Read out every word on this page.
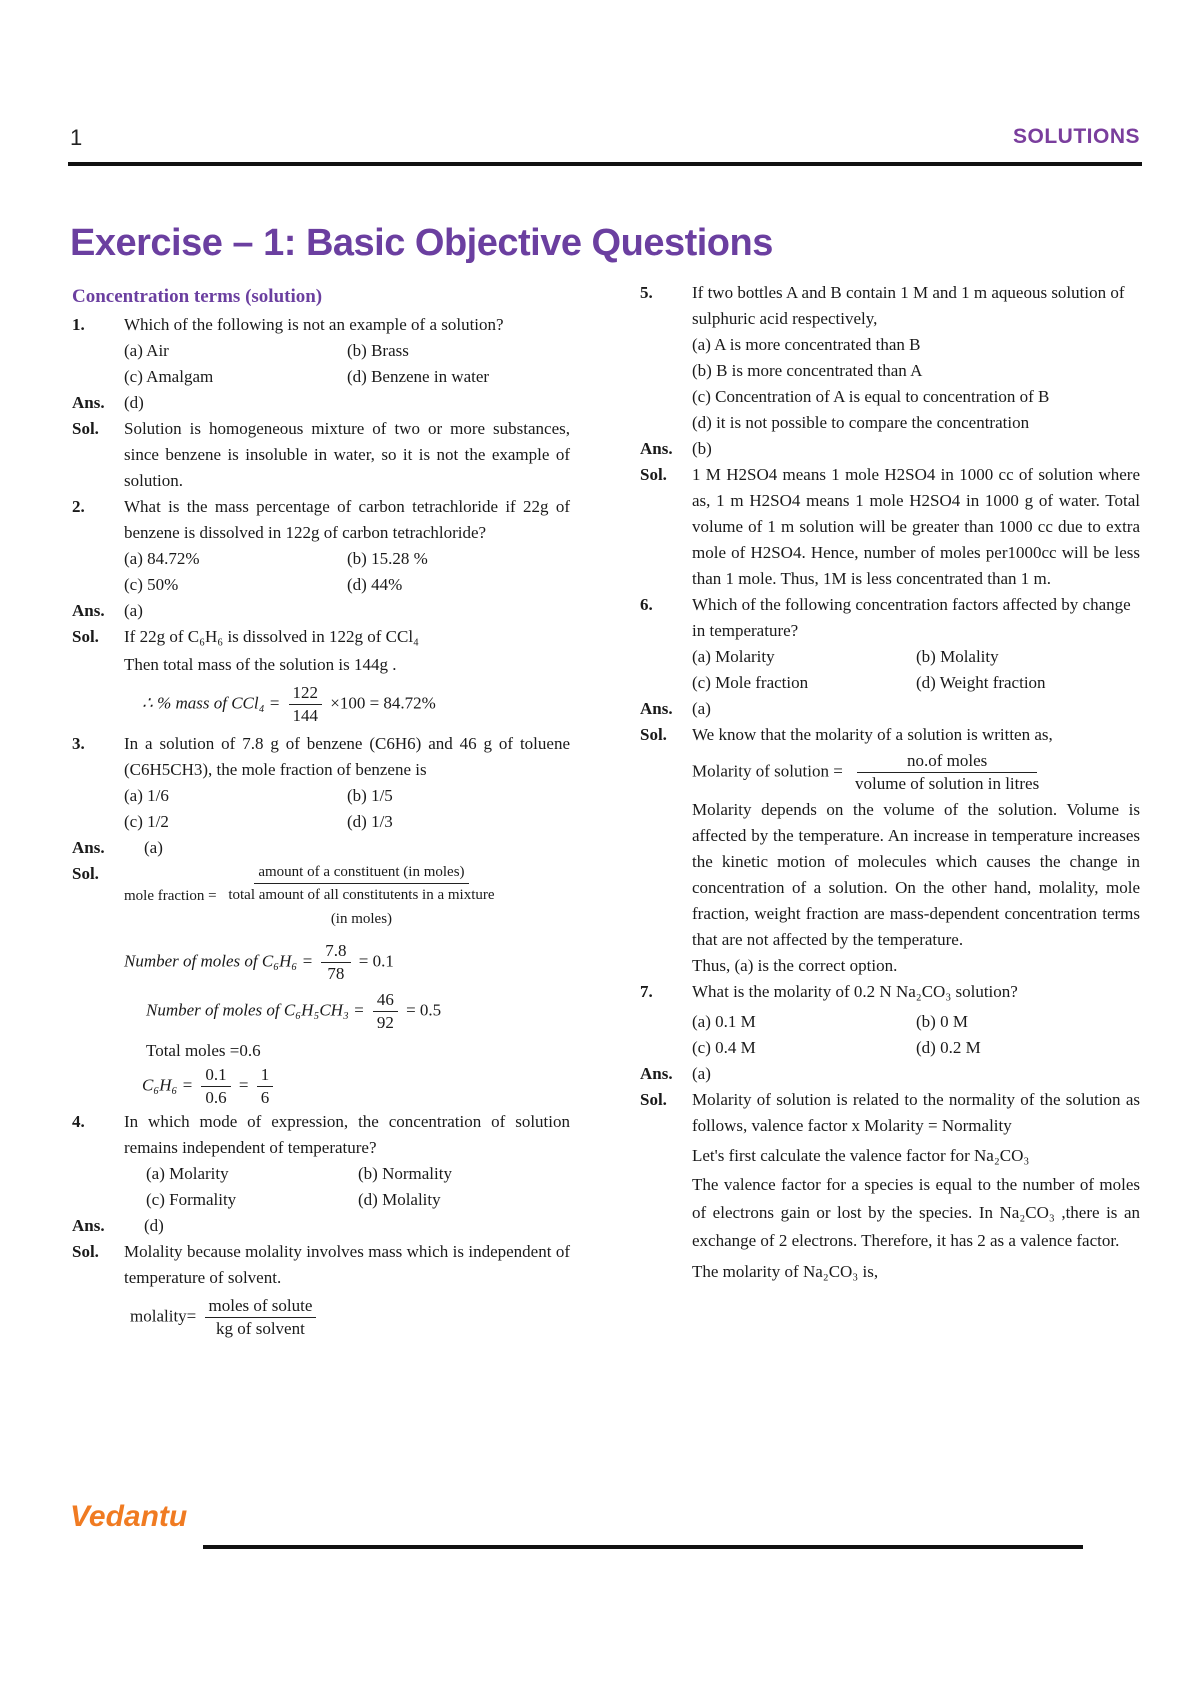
1	SOLUTIONS
Exercise – 1: Basic Objective Questions
Concentration terms (solution)
1. Which of the following is not an example of a solution?
(a) Air	(b) Brass
(c) Amalgam	(d) Benzene in water
Ans. (d)
Sol. Solution is homogeneous mixture of two or more substances, since benzene is insoluble in water, so it is not the example of solution.
2. What is the mass percentage of carbon tetrachloride if 22g of benzene is dissolved in 122g of carbon tetrachloride?
(a) 84.72%	(b) 15.28 %
(c) 50%	(d) 44%
Ans. (a)
Sol. If 22g of C₆H₆ is dissolved in 122g of CCl₄
Then total mass of the solution is 144g .
∴ % mass of $CCl_4 = \frac{122}{144} \times 100 = 84.72\%$
3. In a solution of 7.8 g of benzene (C6H6) and 46 g of toluene (C6H5CH3), the mole fraction of benzene is
(a) 1/6	(b) 1/5
(c) 1/2	(d) 1/3
Ans. (a)
Sol.
mole fraction =
amount of a constituent (in moles)
total amount of all constitutents in a mixture
(in moles)
Number of moles of $C_6H_6 = \frac{7.8}{78} = 0.1$
Number of moles of $C_6H_5CH_3 = \frac{46}{92} = 0.5$
Total moles =0.6
$C_6H_6 = \frac{0.1}{0.6} = \frac{1}{6}$
4. In which mode of expression, the concentration of solution remains independent of temperature?
(a) Molarity	(b) Normality
(c) Formality	(d) Molality
Ans. (d)
Sol. Molality because molality involves mass which is independent of temperature of solvent.
molality= $\frac{\text{moles of solute}}{\text{kg of solvent}}$
5. If two bottles A and B contain 1 M and 1 m aqueous solution of sulphuric acid respectively,
(a) A is more concentrated than B
(b) B is more concentrated than A
(c) Concentration of A is equal to concentration of B
(d) it is not possible to compare the concentration
Ans. (b)
Sol. 1 M H2SO4 means 1 mole H2SO4 in 1000 cc of solution where as, 1 m H2SO4 means 1 mole H2SO4 in 1000 g of water. Total volume of 1 m solution will be greater than 1000 cc due to extra mole of H2SO4. Hence, number of moles per1000cc will be less than 1 mole. Thus, 1M is less concentrated than 1 m.
6. Which of the following concentration factors affected by change in temperature?
(a) Molarity	(b) Molality
(c) Mole fraction	(d) Weight fraction
Ans. (a)
Sol. We know that the molarity of a solution is written as,
Molarity of solution = $\frac{\text{no.of moles}}{\text{volume of solution in litres}}$
Molarity depends on the volume of the solution. Volume is affected by the temperature. An increase in temperature increases the kinetic motion of molecules which causes the change in concentration of a solution. On the other hand, molality, mole fraction, weight fraction are mass-dependent concentration terms that are not affected by the temperature.
Thus, (a) is the correct option.
7. What is the molarity of 0.2 N Na₂CO₃ solution?
(a) 0.1 M	(b) 0 M
(c) 0.4 M	(d) 0.2 M
Ans. (a)
Sol. Molarity of solution is related to the normality of the solution as follows, valence factor x Molarity = Normality
Let's first calculate the valence factor for Na₂CO₃
The valence factor for a species is equal to the number of moles of electrons gain or lost by the species. In Na₂CO₃ ,there is an exchange of 2 electrons. Therefore, it has 2 as a valence factor.
The molarity of Na₂CO₃ is,
Vedantu
